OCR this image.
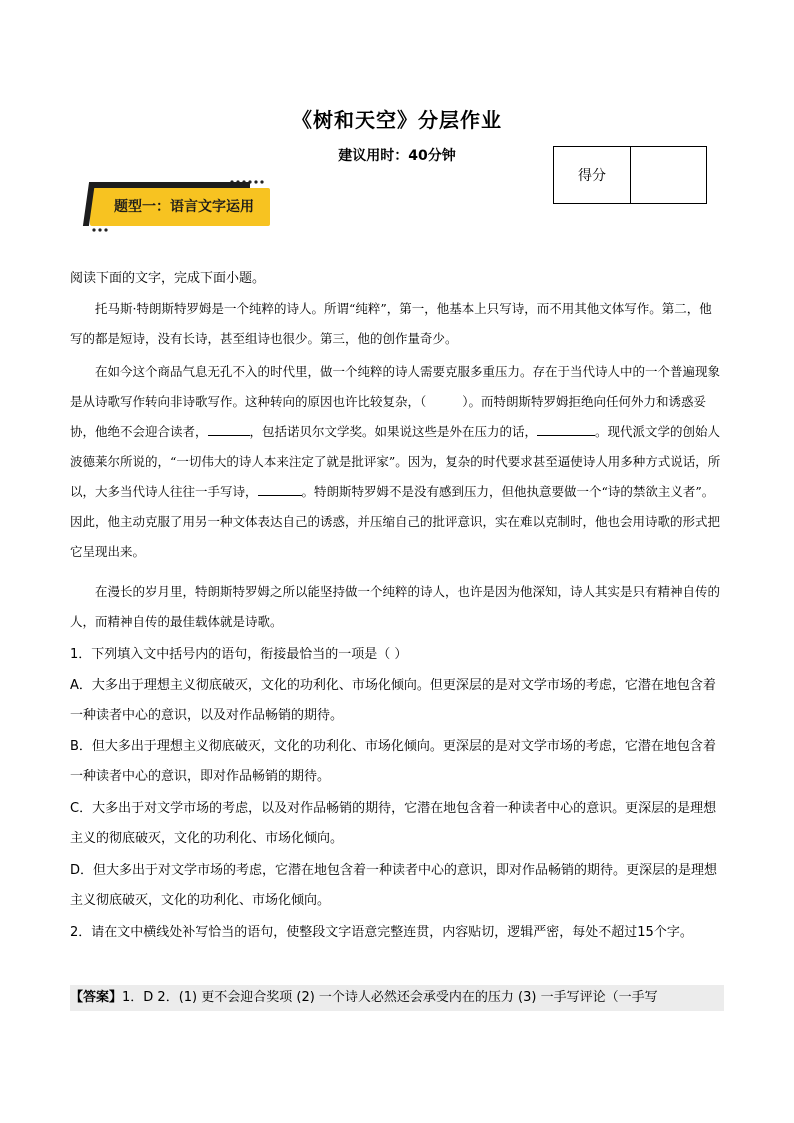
《树和天空》分层作业
建议用时：40分钟
得分
题型一：语言文字运用

阅读下面的文字，完成下面小题。

托马斯·特朗斯特罗姆是一个纯粹的诗人。所谓“纯粹”，第一，他基本上只写诗，而不用其他文体写作。第二，他写的都是短诗，没有长诗，甚至组诗也很少。第三，他的创作量奇少。

在如今这个商品气息无孔不入的时代里，做一个纯粹的诗人需要克服多重压力。存在于当代诗人中的一个普遍现象是从诗歌写作转向非诗歌写作。这种转向的原因也许比较复杂，（	）。而特朗斯特罗姆拒绝向任何外力和诱惑妥协，他绝不会迎合读者，	，包括诺贝尔文学奖。如果说这些是外在压力的话，	。现代派文学的创始人波德莱尔所说的，“一切伟大的诗人本来注定了就是批评家”。因为，复杂的时代要求甚至逼使诗人用多种方式说话，所以，大多当代诗人往往一手写诗，	。特朗斯特罗姆不是没有感到压力，但他执意要做一个“诗的禁欲主义者”。因此，他主动克服了用另一种文体表达自己的诱惑，并压缩自己的批评意识，实在难以克制时，他也会用诗歌的形式把它呈现出来。

在漫长的岁月里，特朗斯特罗姆之所以能坚持做一个纯粹的诗人，也许是因为他深知，诗人其实是只有精神自传的人，而精神自传的最佳载体就是诗歌。

1．下列填入文中括号内的语句，衔接最恰当的一项是（ ）

A．大多出于理想主义彻底破灭，文化的功利化、市场化倾向。但更深层的是对文学市场的考虑，它潜在地包含着一种读者中心的意识，以及对作品畅销的期待。

B．但大多出于理想主义彻底破灭，文化的功利化、市场化倾向。更深层的是对文学市场的考虑，它潜在地包含着一种读者中心的意识，即对作品畅销的期待。

C．大多出于对文学市场的考虑，以及对作品畅销的期待，它潜在地包含着一种读者中心的意识。更深层的是理想主义的彻底破灭，文化的功利化、市场化倾向。

D．但大多出于对文学市场的考虑，它潜在地包含着一种读者中心的意识，即对作品畅销的期待。更深层的是理想主义彻底破灭，文化的功利化、市场化倾向。

2．请在文中横线处补写恰当的语句，使整段文字语意完整连贯，内容贴切，逻辑严密，每处不超过15个字。

【答案】1．D 2．(1) 更不会迎合奖项 (2) 一个诗人必然还会承受内在的压力 (3) 一手写评论（一手写
